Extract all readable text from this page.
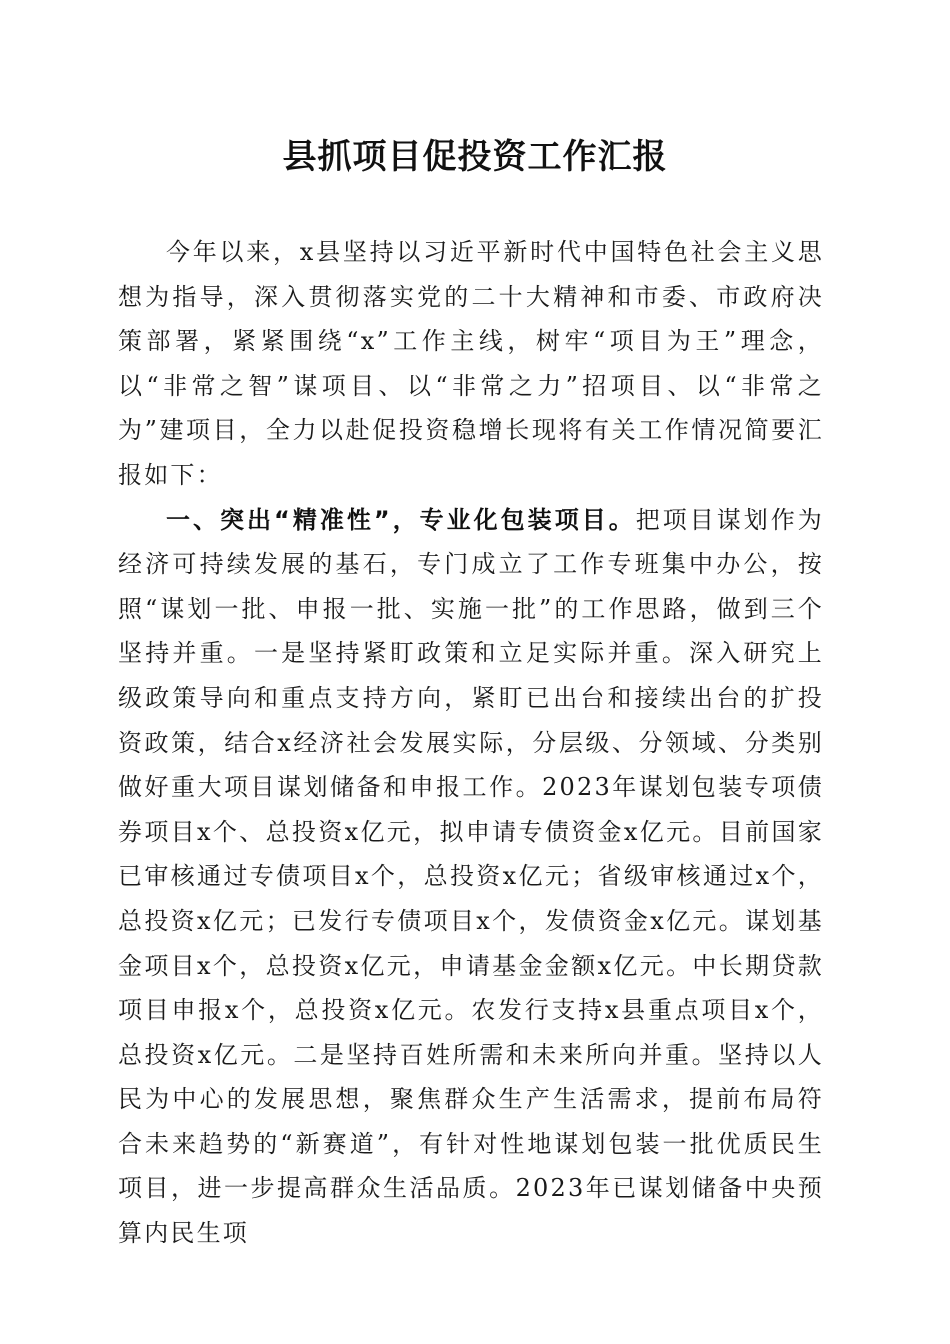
县抓项目促投资工作汇报

今年以来，x县坚持以习近平新时代中国特色社会主义思想为指导，深入贯彻落实党的二十大精神和市委、市政府决策部署，紧紧围绕“x”工作主线，树牢“项目为王”理念，以“非常之智”谋项目、以“非常之力”招项目、以“非常之为”建项目，全力以赴促投资稳增长现将有关工作情况简要汇报如下：

一、突出“精准性”，专业化包装项目。把项目谋划作为经济可持续发展的基石，专门成立了工作专班集中办公，按照“谋划一批、申报一批、实施一批”的工作思路，做到三个坚持并重。一是坚持紧盯政策和立足实际并重。深入研究上级政策导向和重点支持方向，紧盯已出台和接续出台的扩投资政策，结合x经济社会发展实际，分层级、分领域、分类别做好重大项目谋划储备和申报工作。2023年谋划包装专项债券项目x个、总投资x亿元，拟申请专债资金x亿元。目前国家已审核通过专债项目x个，总投资x亿元；省级审核通过x个，总投资x亿元；已发行专债项目x个，发债资金x亿元。谋划基金项目x个，总投资x亿元，申请基金金额x亿元。中长期贷款项目申报x个，总投资x亿元。农发行支持x县重点项目x个，总投资x亿元。二是坚持百姓所需和未来所向并重。坚持以人民为中心的发展思想，聚焦群众生产生活需求，提前布局符合未来趋势的“新赛道”，有针对性地谋划包装一批优质民生项目，进一步提高群众生活品质。2023年已谋划储备中央预算内民生项
